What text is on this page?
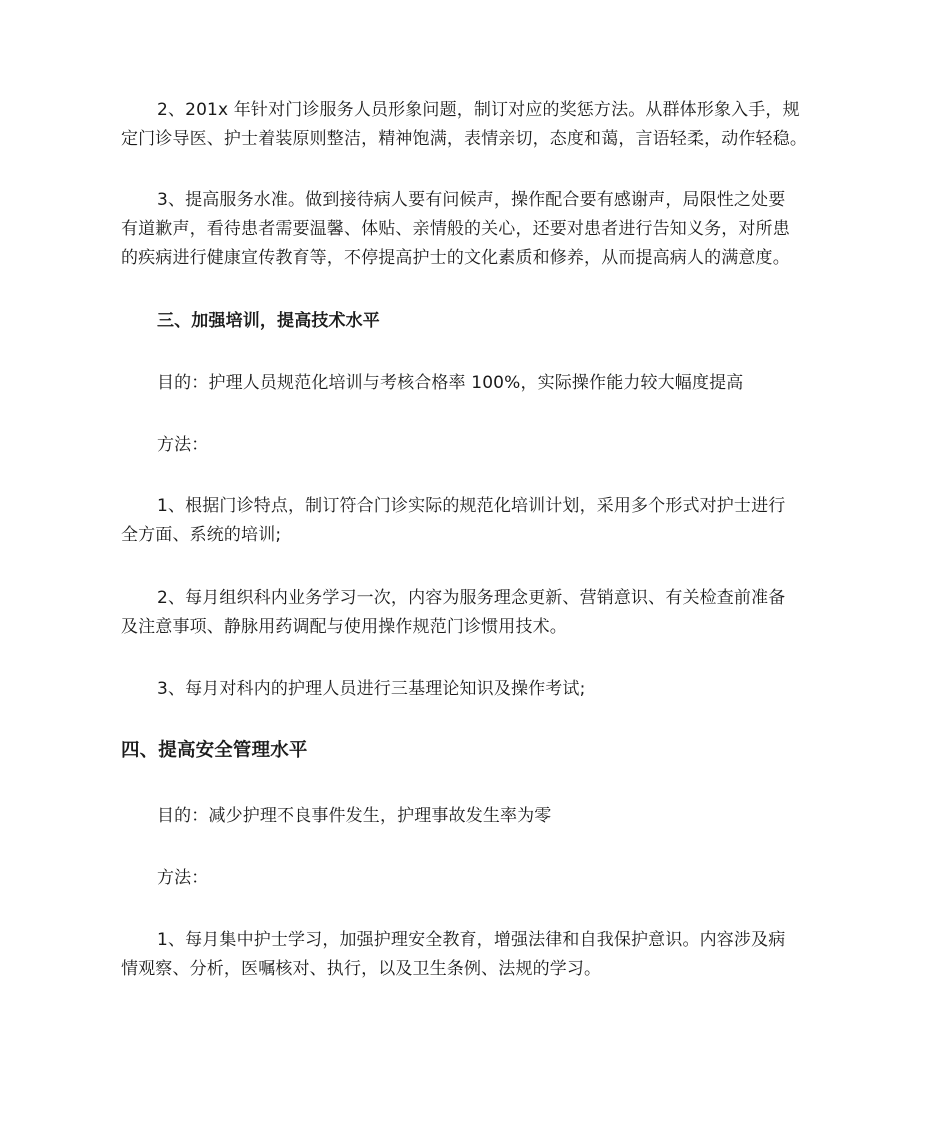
2、201x 年针对门诊服务人员形象问题，制订对应的奖惩方法。从群体形象入手，规
定门诊导医、护士着装原则整洁，精神饱满，表情亲切，态度和蔼，言语轻柔，动作轻稳。
3、提高服务水准。做到接待病人要有问候声，操作配合要有感谢声，局限性之处要
有道歉声，看待患者需要温馨、体贴、亲情般的关心，还要对患者进行告知义务，对所患
的疾病进行健康宣传教育等，不停提高护士的文化素质和修养，从而提高病人的满意度。
三、加强培训，提高技术水平
目的：护理人员规范化培训与考核合格率 100%，实际操作能力较大幅度提高
方法：
1、根据门诊特点，制订符合门诊实际的规范化培训计划，采用多个形式对护士进行
全方面、系统的培训;
2、每月组织科内业务学习一次，内容为服务理念更新、营销意识、有关检查前准备
及注意事项、静脉用药调配与使用操作规范门诊惯用技术。
3、每月对科内的护理人员进行三基理论知识及操作考试;
四、提高安全管理水平
目的：减少护理不良事件发生，护理事故发生率为零
方法：
1、每月集中护士学习，加强护理安全教育，增强法律和自我保护意识。内容涉及病
情观察、分析，医嘱核对、执行，以及卫生条例、法规的学习。
